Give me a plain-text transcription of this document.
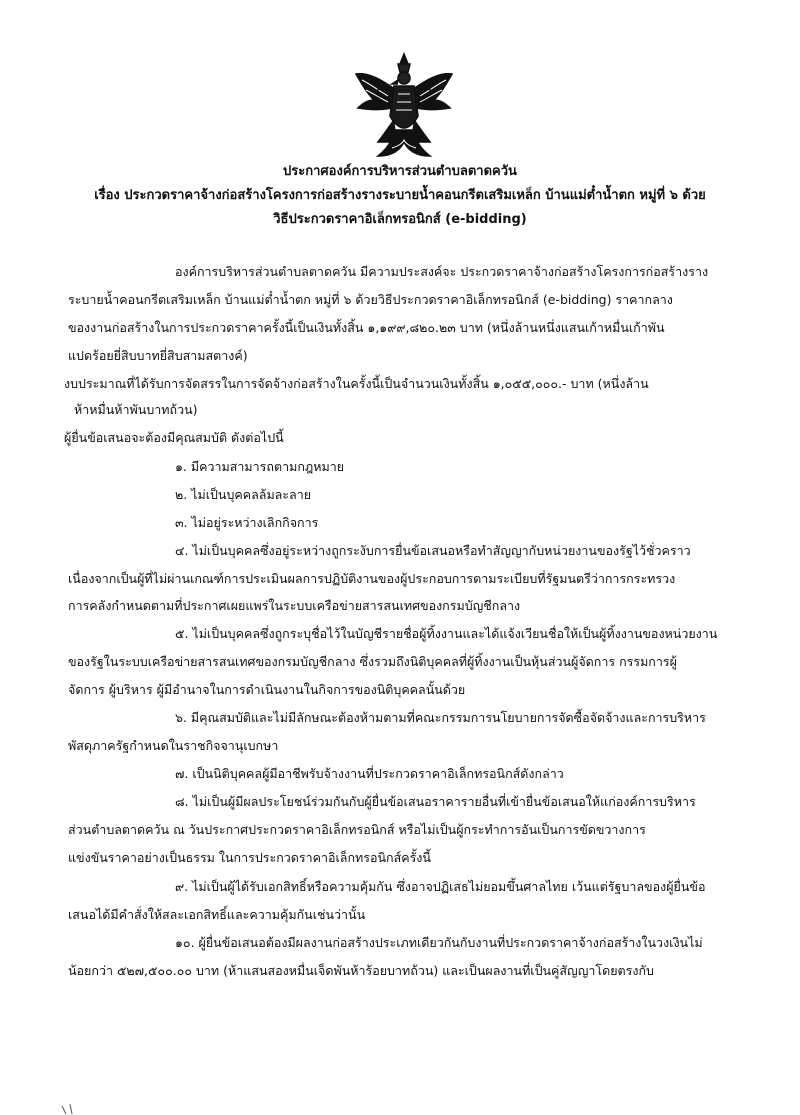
ประกาศองค์การบริหารส่วนตำบลตาดควัน
เรื่อง ประกวดราคาจ้างก่อสร้างโครงการก่อสร้างรางระบายน้ำคอนกรีตเสริมเหล็ก บ้านแม่ต๋ำน้ำตก หมู่ที่ ๖ ด้วย
วิธีประกวดราคาอิเล็กทรอนิกส์ (e-bidding)
องค์การบริหารส่วนตำบลตาดควัน มีความประสงค์จะ ประกวดราคาจ้างก่อสร้างโครงการก่อสร้างราง
ระบายน้ำคอนกรีตเสริมเหล็ก บ้านแม่ต๋ำน้ำตก หมู่ที่ ๖ ด้วยวิธีประกวดราคาอิเล็กทรอนิกส์ (e-bidding) ราคากลาง
ของงานก่อสร้างในการประกวดราคาครั้งนี้เป็นเงินทั้งสิ้น ๑,๑๙๙,๘๒๐.๒๓ บาท (หนึ่งล้านหนึ่งแสนเก้าหมื่นเก้าพัน
แปดร้อยยี่สิบบาทยี่สิบสามสตางค์)
งบประมาณที่ได้รับการจัดสรรในการจัดจ้างก่อสร้างในครั้งนี้เป็นจำนวนเงินทั้งสิ้น ๑,๐๕๕,๐๐๐.- บาท (หนึ่งล้าน
ห้าหมื่นห้าพันบาทถ้วน)
ผู้ยื่นข้อเสนอจะต้องมีคุณสมบัติ ดังต่อไปนี้
๑. มีความสามารถตามกฎหมาย
๒. ไม่เป็นบุคคลล้มละลาย
๓. ไม่อยู่ระหว่างเลิกกิจการ
๔. ไม่เป็นบุคคลซึ่งอยู่ระหว่างถูกระงับการยื่นข้อเสนอหรือทำสัญญากับหน่วยงานของรัฐไว้ชั่วคราว
เนื่องจากเป็นผู้ที่ไม่ผ่านเกณฑ์การประเมินผลการปฏิบัติงานของผู้ประกอบการตามระเบียบที่รัฐมนตรีว่าการกระทรวง
การคลังกำหนดตามที่ประกาศเผยแพร่ในระบบเครือข่ายสารสนเทศของกรมบัญชีกลาง
๕. ไม่เป็นบุคคลซึ่งถูกระบุชื่อไว้ในบัญชีรายชื่อผู้ทิ้งงานและได้แจ้งเวียนชื่อให้เป็นผู้ทิ้งงานของหน่วยงาน
ของรัฐในระบบเครือข่ายสารสนเทศของกรมบัญชีกลาง ซึ่งรวมถึงนิติบุคคลที่ผู้ทิ้งงานเป็นหุ้นส่วนผู้จัดการ กรรมการผู้
จัดการ ผู้บริหาร ผู้มีอำนาจในการดำเนินงานในกิจการของนิติบุคคลนั้นด้วย
๖. มีคุณสมบัติและไม่มีลักษณะต้องห้ามตามที่คณะกรรมการนโยบายการจัดซื้อจัดจ้างและการบริหาร
พัสดุภาครัฐกำหนดในราชกิจจานุเบกษา
๗. เป็นนิติบุคคลผู้มีอาชีพรับจ้างงานที่ประกวดราคาอิเล็กทรอนิกส์ดังกล่าว
๘. ไม่เป็นผู้มีผลประโยชน์ร่วมกันกับผู้ยื่นข้อเสนอราคารายอื่นที่เข้ายื่นข้อเสนอให้แก่องค์การบริหาร
ส่วนตำบลตาดควัน ณ วันประกาศประกวดราคาอิเล็กทรอนิกส์ หรือไม่เป็นผู้กระทำการอันเป็นการขัดขวางการ
แข่งขันราคาอย่างเป็นธรรม ในการประกวดราคาอิเล็กทรอนิกส์ครั้งนี้
๙. ไม่เป็นผู้ได้รับเอกสิทธิ์หรือความคุ้มกัน ซึ่งอาจปฏิเสธไม่ยอมขึ้นศาลไทย เว้นแต่รัฐบาลของผู้ยื่นข้อ
เสนอได้มีคำสั่งให้สละเอกสิทธิ์และความคุ้มกันเช่นว่านั้น
๑๐. ผู้ยื่นข้อเสนอต้องมีผลงานก่อสร้างประเภทเดียวกันกับงานที่ประกวดราคาจ้างก่อสร้างในวงเงินไม่
น้อยกว่า ๕๒๗,๕๐๐.๐๐ บาท (ห้าแสนสองหมื่นเจ็ดพันห้าร้อยบาทถ้วน) และเป็นผลงานที่เป็นคู่สัญญาโดยตรงกับ
